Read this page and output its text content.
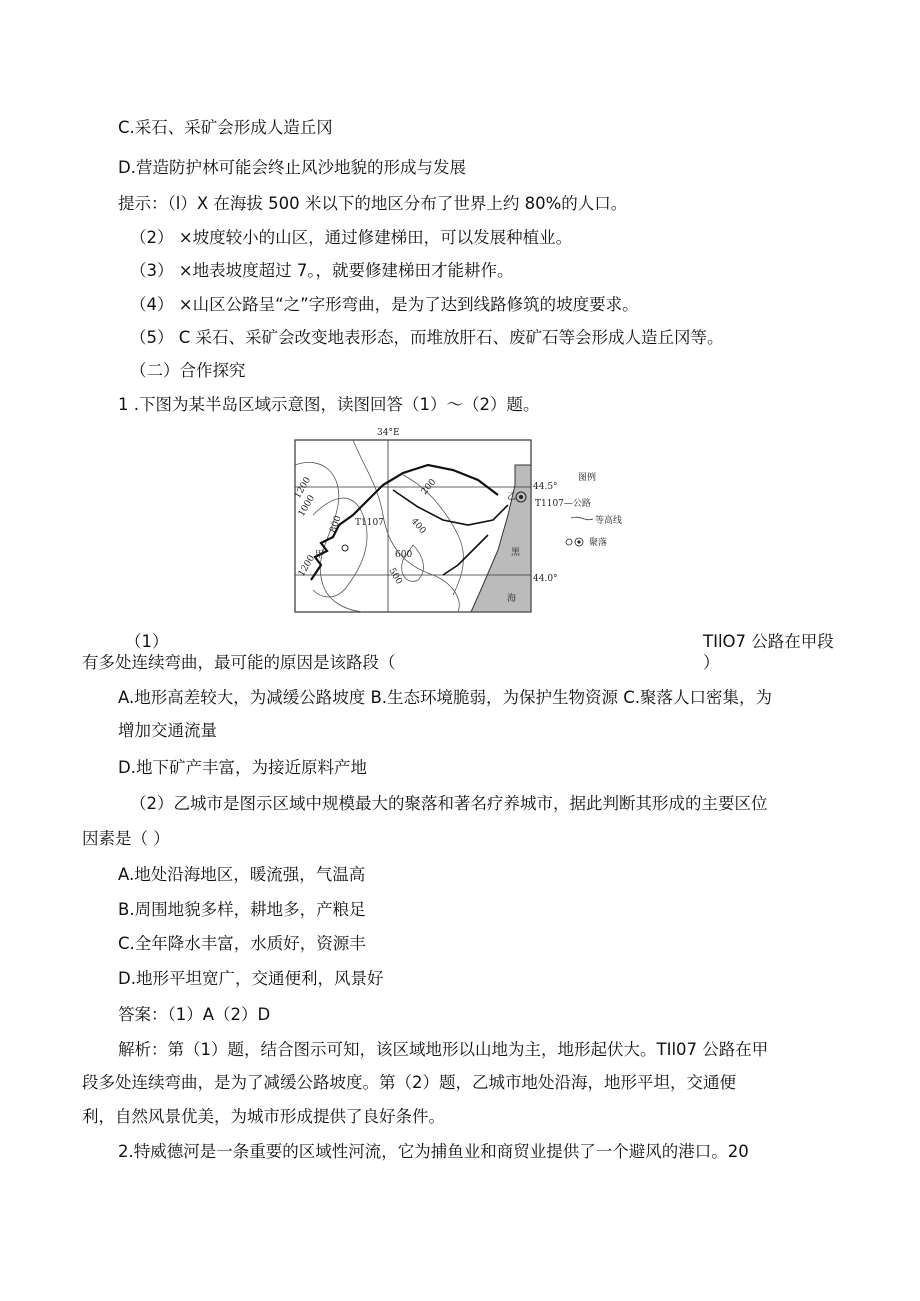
C.采石、采矿会形成人造丘冈
D.营造防护林可能会终止风沙地貌的形成与发展
提示：（l）X 在海拔 500 米以下的地区分布了世界上约 80%的人口。
（2） ×坡度较小的山区，通过修建梯田，可以发展种植业。
（3） ×地表坡度超过 7。，就要修建梯田才能耕作。
（4） ×山区公路呈“之”字形弯曲，是为了达到线路修筑的坡度要求。
（5） C 采石、采矿会改变地表形态，而堆放肝石、废矿石等会形成人造丘冈等。
（二）合作探究
1 .下图为某半岛区域示意图，读图回答（1）～（2）题。
34°E
44.5°
44.0°
1200
1000
800
600
500
400
200
1200
T1107
甲
乙
黑
海
图例
T1107—公路
等高线
聚落
（1）	TIlO7 公路在甲段
有多处连续弯曲，最可能的原因是该路段（	）
A.地形高差较大，为减缓公路坡度 B.生态环境脆弱，为保护生物资源 C.聚落人口密集，为
增加交通流量
D.地下矿产丰富，为接近原料产地
（2）乙城市是图示区域中规模最大的聚落和著名疗养城市，据此判断其形成的主要区位
因素是（ ）
A.地处沿海地区，暖流强，气温高
B.周围地貌多样，耕地多，产粮足
C.全年降水丰富，水质好，资源丰
D.地形平坦宽广，交通便利，风景好
答案：（1）A（2）D
解析：第（1）题，结合图示可知，该区域地形以山地为主，地形起伏大。TIl07 公路在甲
段多处连续弯曲，是为了减缓公路坡度。第（2）题，乙城市地处沿海，地形平坦，交通便
利，自然风景优美，为城市形成提供了良好条件。
2.特威德河是一条重要的区域性河流，它为捕鱼业和商贸业提供了一个避风的港口。20
